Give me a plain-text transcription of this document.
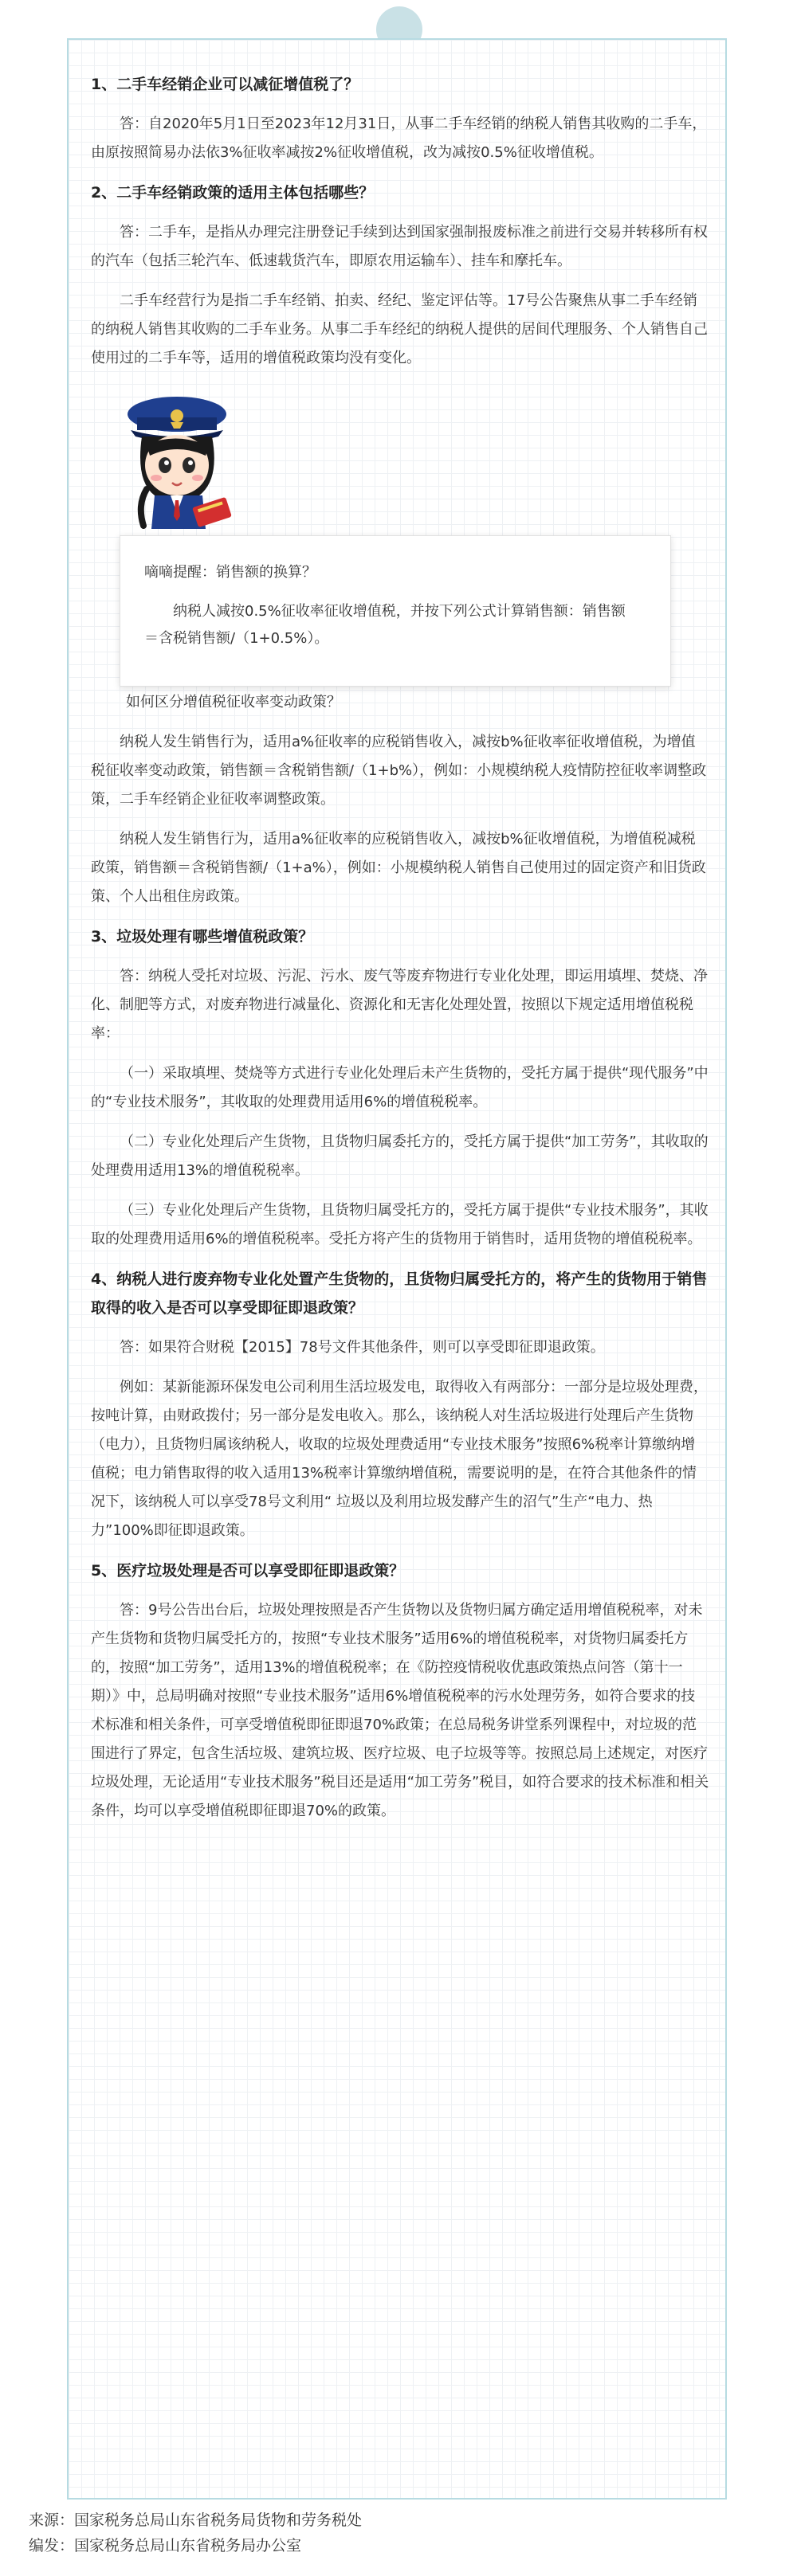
1、二手车经销企业可以减征增值税了？
答：自2020年5月1日至2023年12月31日，从事二手车经销的纳税人销售其收购的二手车，由原按照简易办法依3%征收率减按2%征收增值税，改为减按0.5%征收增值税。
2、二手车经销政策的适用主体包括哪些？
答：二手车，是指从办理完注册登记手续到达到国家强制报废标准之前进行交易并转移所有权的汽车（包括三轮汽车、低速载货汽车，即原农用运输车）、挂车和摩托车。
二手车经营行为是指二手车经销、拍卖、经纪、鉴定评估等。17号公告聚焦从事二手车经销的纳税人销售其收购的二手车业务。从事二手车经纪的纳税人提供的居间代理服务、个人销售自己使用过的二手车等，适用的增值税政策均没有变化。
嘀嘀提醒：销售额的换算？
纳税人减按0.5%征收率征收增值税，并按下列公式计算销售额：销售额＝含税销售额/（1+0.5%）。
如何区分增值税征收率变动政策？
纳税人发生销售行为，适用a%征收率的应税销售收入，减按b%征收率征收增值税，为增值税征收率变动政策，销售额＝含税销售额/（1+b%），例如：小规模纳税人疫情防控征收率调整政策，二手车经销企业征收率调整政策。
纳税人发生销售行为，适用a%征收率的应税销售收入，减按b%征收增值税，为增值税减税政策，销售额＝含税销售额/（1+a%），例如：小规模纳税人销售自己使用过的固定资产和旧货政策、个人出租住房政策。
3、垃圾处理有哪些增值税政策？
答：纳税人受托对垃圾、污泥、污水、废气等废弃物进行专业化处理，即运用填埋、焚烧、净化、制肥等方式，对废弃物进行减量化、资源化和无害化处理处置，按照以下规定适用增值税税率：
（一）采取填埋、焚烧等方式进行专业化处理后未产生货物的，受托方属于提供“现代服务”中的“专业技术服务”，其收取的处理费用适用6%的增值税税率。
（二）专业化处理后产生货物，且货物归属委托方的，受托方属于提供“加工劳务”，其收取的处理费用适用13%的增值税税率。
（三）专业化处理后产生货物，且货物归属受托方的，受托方属于提供“专业技术服务”，其收取的处理费用适用6%的增值税税率。受托方将产生的货物用于销售时，适用货物的增值税税率。
4、纳税人进行废弃物专业化处置产生货物的，且货物归属受托方的，将产生的货物用于销售取得的收入是否可以享受即征即退政策？
答：如果符合财税【2015】78号文件其他条件，则可以享受即征即退政策。
例如：某新能源环保发电公司利用生活垃圾发电，取得收入有两部分：一部分是垃圾处理费，按吨计算，由财政拨付；另一部分是发电收入。那么，该纳税人对生活垃圾进行处理后产生货物（电力），且货物归属该纳税人，收取的垃圾处理费适用“专业技术服务”按照6%税率计算缴纳增值税；电力销售取得的收入适用13%税率计算缴纳增值税，需要说明的是，在符合其他条件的情况下，该纳税人可以享受78号文利用“ 垃圾以及利用垃圾发酵产生的沼气”生产“电力、热力”100%即征即退政策。
5、医疗垃圾处理是否可以享受即征即退政策？
答：9号公告出台后，垃圾处理按照是否产生货物以及货物归属方确定适用增值税税率，对未产生货物和货物归属受托方的，按照“专业技术服务”适用6%的增值税税率，对货物归属委托方的，按照“加工劳务”，适用13%的增值税税率；在《防控疫情税收优惠政策热点问答（第十一期）》中，总局明确对按照“专业技术服务”适用6%增值税税率的污水处理劳务，如符合要求的技术标准和相关条件，可享受增值税即征即退70%政策；在总局税务讲堂系列课程中，对垃圾的范围进行了界定，包含生活垃圾、建筑垃圾、医疗垃圾、电子垃圾等等。按照总局上述规定，对医疗垃圾处理，无论适用“专业技术服务”税目还是适用“加工劳务”税目，如符合要求的技术标准和相关条件，均可以享受增值税即征即退70%的政策。
来源：国家税务总局山东省税务局货物和劳务税处
编发：国家税务总局山东省税务局办公室
